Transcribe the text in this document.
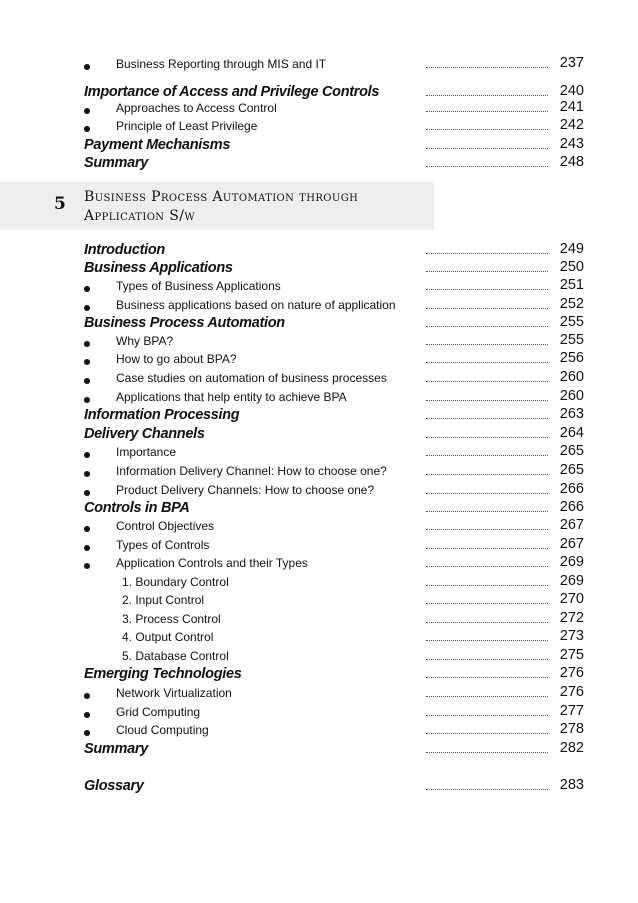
5 Business Process Automation through
Application S/w
Business Reporting through MIS and IT	237
Importance of Access and Privilege Controls	240
Approaches to Access Control	241
Principle of Least Privilege	242
Payment Mechanisms	243
Summary	248
Introduction	249
Business Applications	250
Types of Business Applications	251
Business applications based on nature of application	252
Business Process Automation	255
Why BPA?	255
How to go about BPA?	256
Case studies on automation of business processes	260
Applications that help entity to achieve BPA	260
Information Processing	263
Delivery Channels	264
Importance	265
Information Delivery Channel: How to choose one?	265
Product Delivery Channels: How to choose one?	266
Controls in BPA	266
Control Objectives	267
Types of Controls	267
Application Controls and their Types	269
1. Boundary Control	269
2. Input Control	270
3. Process Control	272
4. Output Control	273
5. Database Control	275
Emerging Technologies	276
Network Virtualization	276
Grid Computing	277
Cloud Computing	278
Summary	282
Glossary	283
